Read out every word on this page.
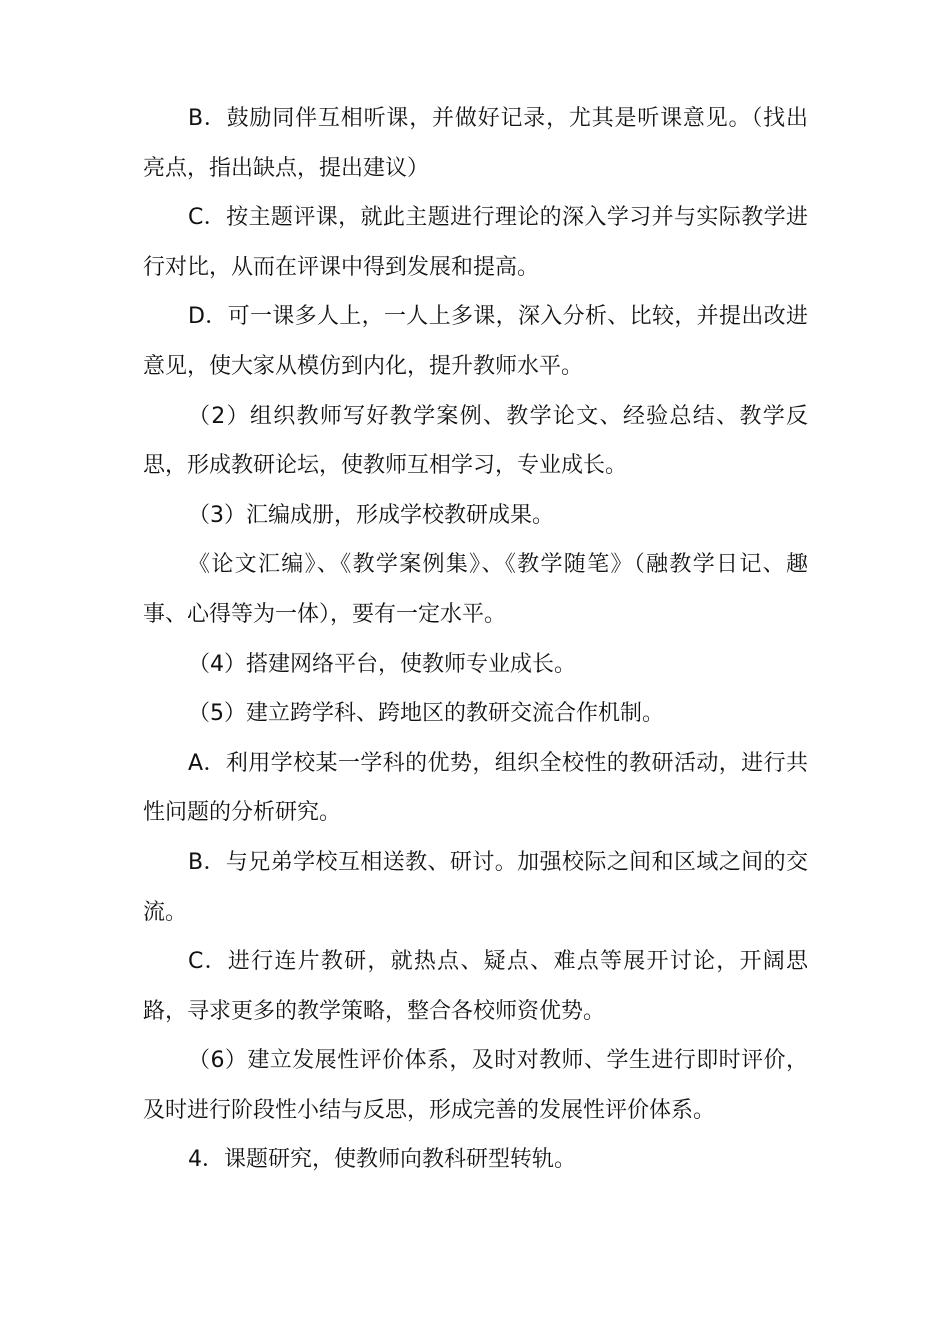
B．鼓励同伴互相听课，并做好记录，尤其是听课意见。（找出亮点，指出缺点，提出建议）

C．按主题评课，就此主题进行理论的深入学习并与实际教学进行对比，从而在评课中得到发展和提高。

D．可一课多人上，一人上多课，深入分析、比较，并提出改进意见，使大家从模仿到内化，提升教师水平。

（2）组织教师写好教学案例、教学论文、经验总结、教学反思，形成教研论坛，使教师互相学习，专业成长。

（3）汇编成册，形成学校教研成果。

《论文汇编》、《教学案例集》、《教学随笔》（融教学日记、趣事、心得等为一体），要有一定水平。

（4）搭建网络平台，使教师专业成长。

（5）建立跨学科、跨地区的教研交流合作机制。

A．利用学校某一学科的优势，组织全校性的教研活动，进行共性问题的分析研究。

B．与兄弟学校互相送教、研讨。加强校际之间和区域之间的交流。

C．进行连片教研，就热点、疑点、难点等展开讨论，开阔思路，寻求更多的教学策略，整合各校师资优势。

（6）建立发展性评价体系，及时对教师、学生进行即时评价，及时进行阶段性小结与反思，形成完善的发展性评价体系。

4．课题研究，使教师向教科研型转轨。
